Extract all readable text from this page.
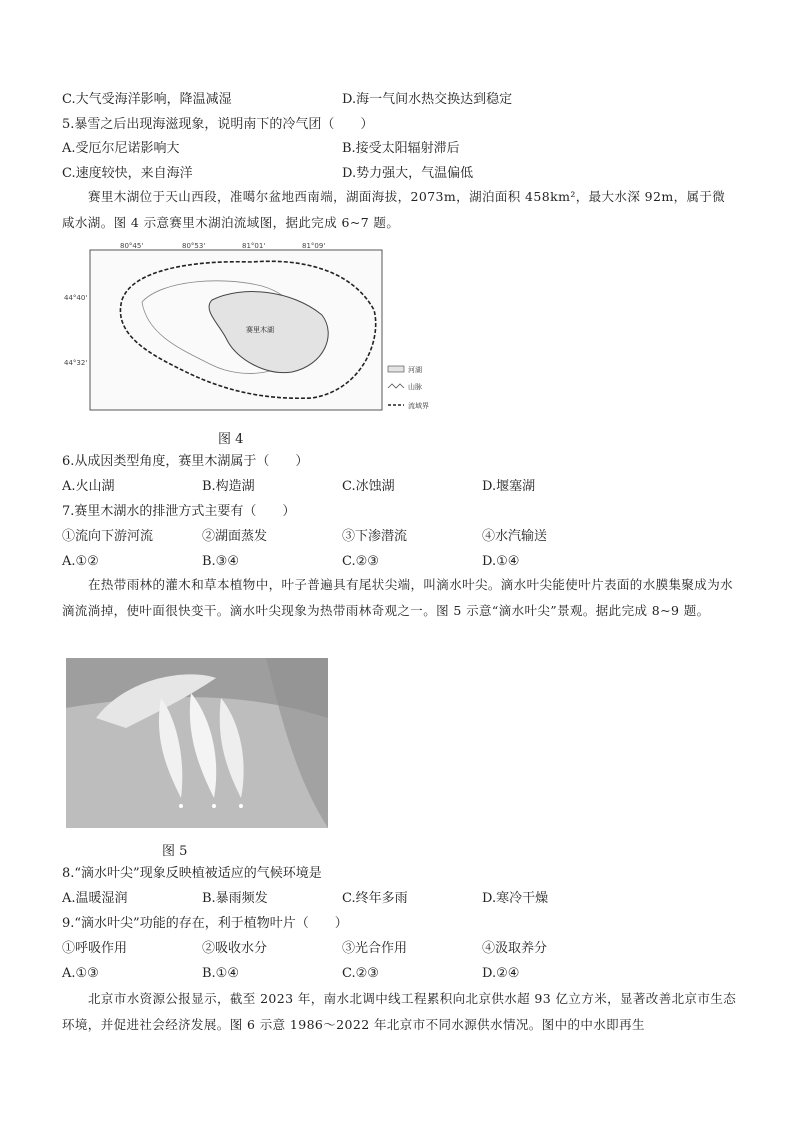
C.大气受海洋影响，降温减湿	D.海一气间水热交换达到稳定
5.暴雪之后出现海滋现象，说明南下的冷气团（　　）
A.受厄尔尼诺影响大	B.接受太阳辐射滞后
C.速度较快，来自海洋	D.势力强大，气温偏低
赛里木湖位于天山西段，准噶尔盆地西南端，湖面海拔，2073m，湖泊面积 458km²，最大水深 92m，属于微咸水湖。图 4 示意赛里木湖泊流域图，据此完成 6~7 题。
80°45'	80°53'	81°01'	81°09'
44°40'
44°32'
赛里木湖
河湖
山脉
流域界
图 4
6.从成因类型角度，赛里木湖属于（　　）
A.火山湖	B.构造湖	C.冰蚀湖	D.堰塞湖
7.赛里木湖水的排泄方式主要有（　　）
①流向下游河流	②湖面蒸发	③下渗潜流	④水汽输送
A.①②	B.③④	C.②③	D.①④
在热带雨林的灌木和草本植物中，叶子普遍具有尾状尖端，叫滴水叶尖。滴水叶尖能使叶片表面的水膜集聚成为水滴流淌掉，使叶面很快变干。滴水叶尖现象为热带雨林奇观之一。图 5 示意“滴水叶尖”景观。据此完成 8~9 题。
图 5
8.“滴水叶尖”现象反映植被适应的气候环境是
A.温暖湿润	B.暴雨频发	C.终年多雨	D.寒冷干燥
9.“滴水叶尖”功能的存在，利于植物叶片（　　）
①呼吸作用	②吸收水分	③光合作用	④汲取养分
A.①③	B.①④	C.②③	D.②④
北京市水资源公报显示，截至 2023 年，南水北调中线工程累积向北京供水超 93 亿立方米，显著改善北京市生态环境，并促进社会经济发展。图 6 示意 1986～2022 年北京市不同水源供水情况。图中的中水即再生
